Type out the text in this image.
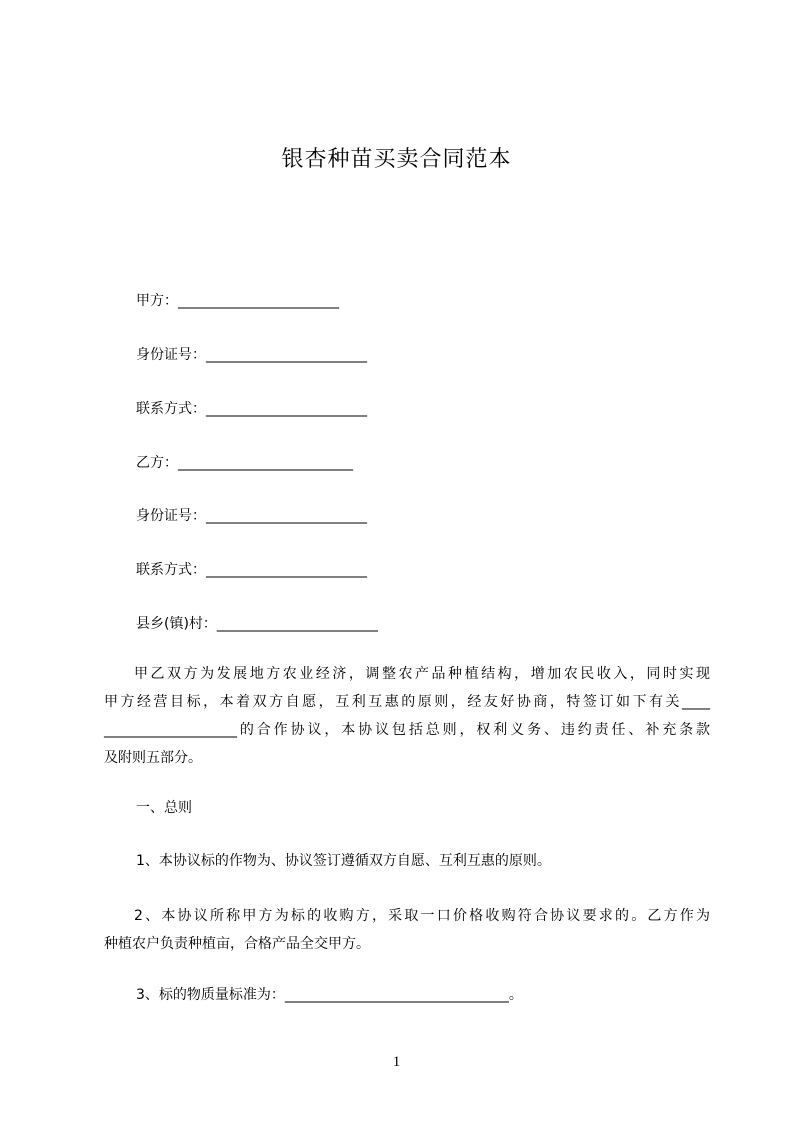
银杏种苗买卖合同范本
甲方：_______________________
身份证号：_______________________
联系方式：_______________________
乙方：_________________________
身份证号：_______________________
联系方式：_______________________
县乡(镇)村：_______________________
甲乙双方为发展地方农业经济，调整农产品种植结构，增加农民收入，同时实现
甲方经营目标，本着双方自愿，互利互惠的原则，经友好协商，特签订如下有关____
___________________的合作协议，本协议包括总则，权利义务、违约责任、补充条款
及附则五部分。
一、总则
1、本协议标的作物为、协议签订遵循双方自愿、互利互惠的原则。
2、本协议所称甲方为标的收购方，采取一口价格收购符合协议要求的。乙方作为
种植农户负责种植亩，合格产品全交甲方。
3、标的物质量标准为：________________________________。
1
